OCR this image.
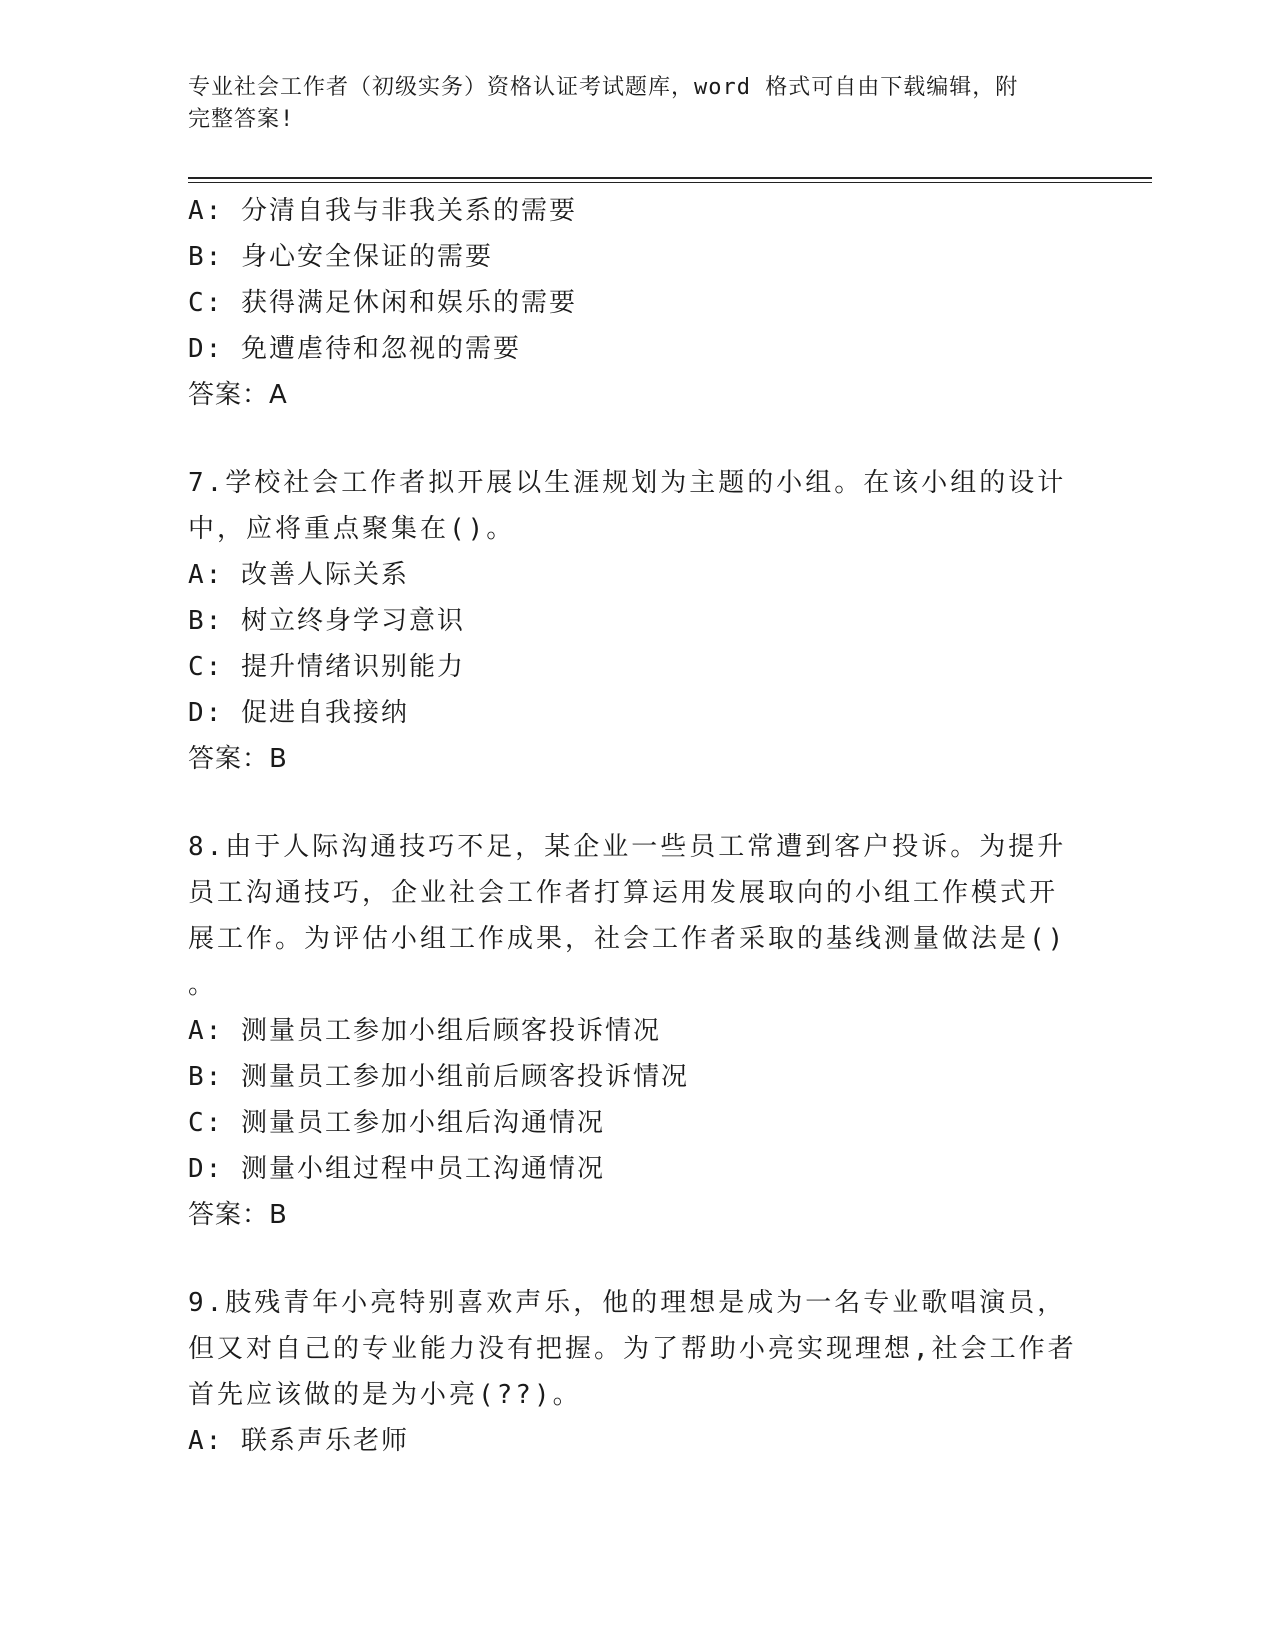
专业社会工作者（初级实务）资格认证考试题库，word 格式可自由下载编辑，附
完整答案!
A: 分清自我与非我关系的需要
B: 身心安全保证的需要
C: 获得满足休闲和娱乐的需要
D: 免遭虐待和忽视的需要
答案：A
7.学校社会工作者拟开展以生涯规划为主题的小组。在该小组的设计
中，应将重点聚集在()。
A: 改善人际关系
B: 树立终身学习意识
C: 提升情绪识别能力
D: 促进自我接纳
答案：B
8.由于人际沟通技巧不足，某企业一些员工常遭到客户投诉。为提升
员工沟通技巧，企业社会工作者打算运用发展取向的小组工作模式开
展工作。为评估小组工作成果，社会工作者采取的基线测量做法是()
。
A: 测量员工参加小组后顾客投诉情况
B: 测量员工参加小组前后顾客投诉情况
C: 测量员工参加小组后沟通情况
D: 测量小组过程中员工沟通情况
答案：B
9.肢残青年小亮特别喜欢声乐，他的理想是成为一名专业歌唱演员，
但又对自己的专业能力没有把握。为了帮助小亮实现理想,社会工作者
首先应该做的是为小亮(??)。
A: 联系声乐老师
